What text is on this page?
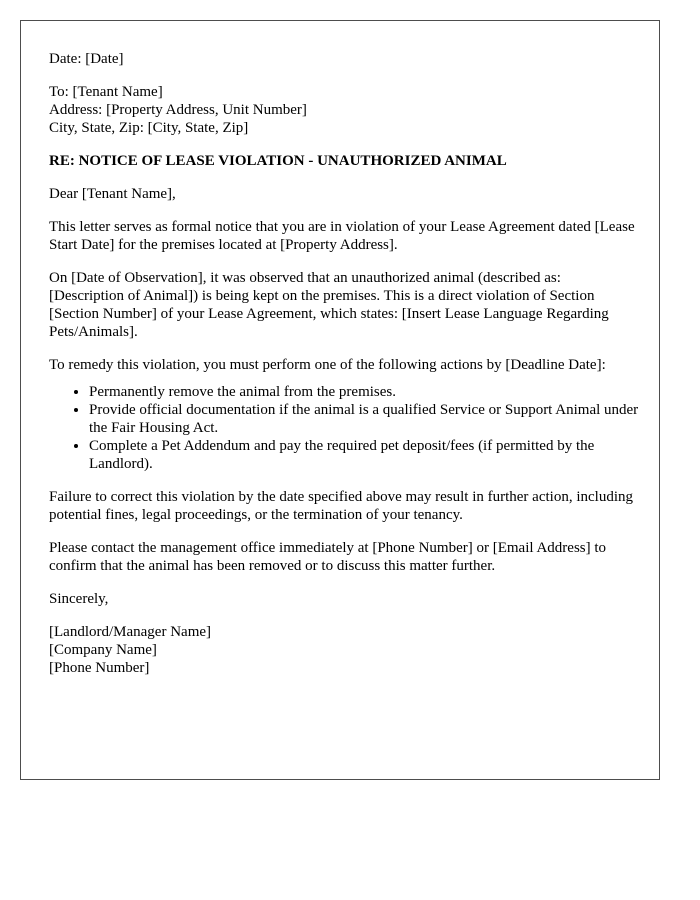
Date: [Date]

To: [Tenant Name]
Address: [Property Address, Unit Number]
City, State, Zip: [City, State, Zip]

RE: NOTICE OF LEASE VIOLATION - UNAUTHORIZED ANIMAL

Dear [Tenant Name],

This letter serves as formal notice that you are in violation of your Lease Agreement dated [Lease Start Date] for the premises located at [Property Address].

On [Date of Observation], it was observed that an unauthorized animal (described as: [Description of Animal]) is being kept on the premises. This is a direct violation of Section [Section Number] of your Lease Agreement, which states: [Insert Lease Language Regarding Pets/Animals].

To remedy this violation, you must perform one of the following actions by [Deadline Date]:

• Permanently remove the animal from the premises.
• Provide official documentation if the animal is a qualified Service or Support Animal under the Fair Housing Act.
• Complete a Pet Addendum and pay the required pet deposit/fees (if permitted by the Landlord).

Failure to correct this violation by the date specified above may result in further action, including potential fines, legal proceedings, or the termination of your tenancy.

Please contact the management office immediately at [Phone Number] or [Email Address] to confirm that the animal has been removed or to discuss this matter further.

Sincerely,

[Landlord/Manager Name]
[Company Name]
[Phone Number]
